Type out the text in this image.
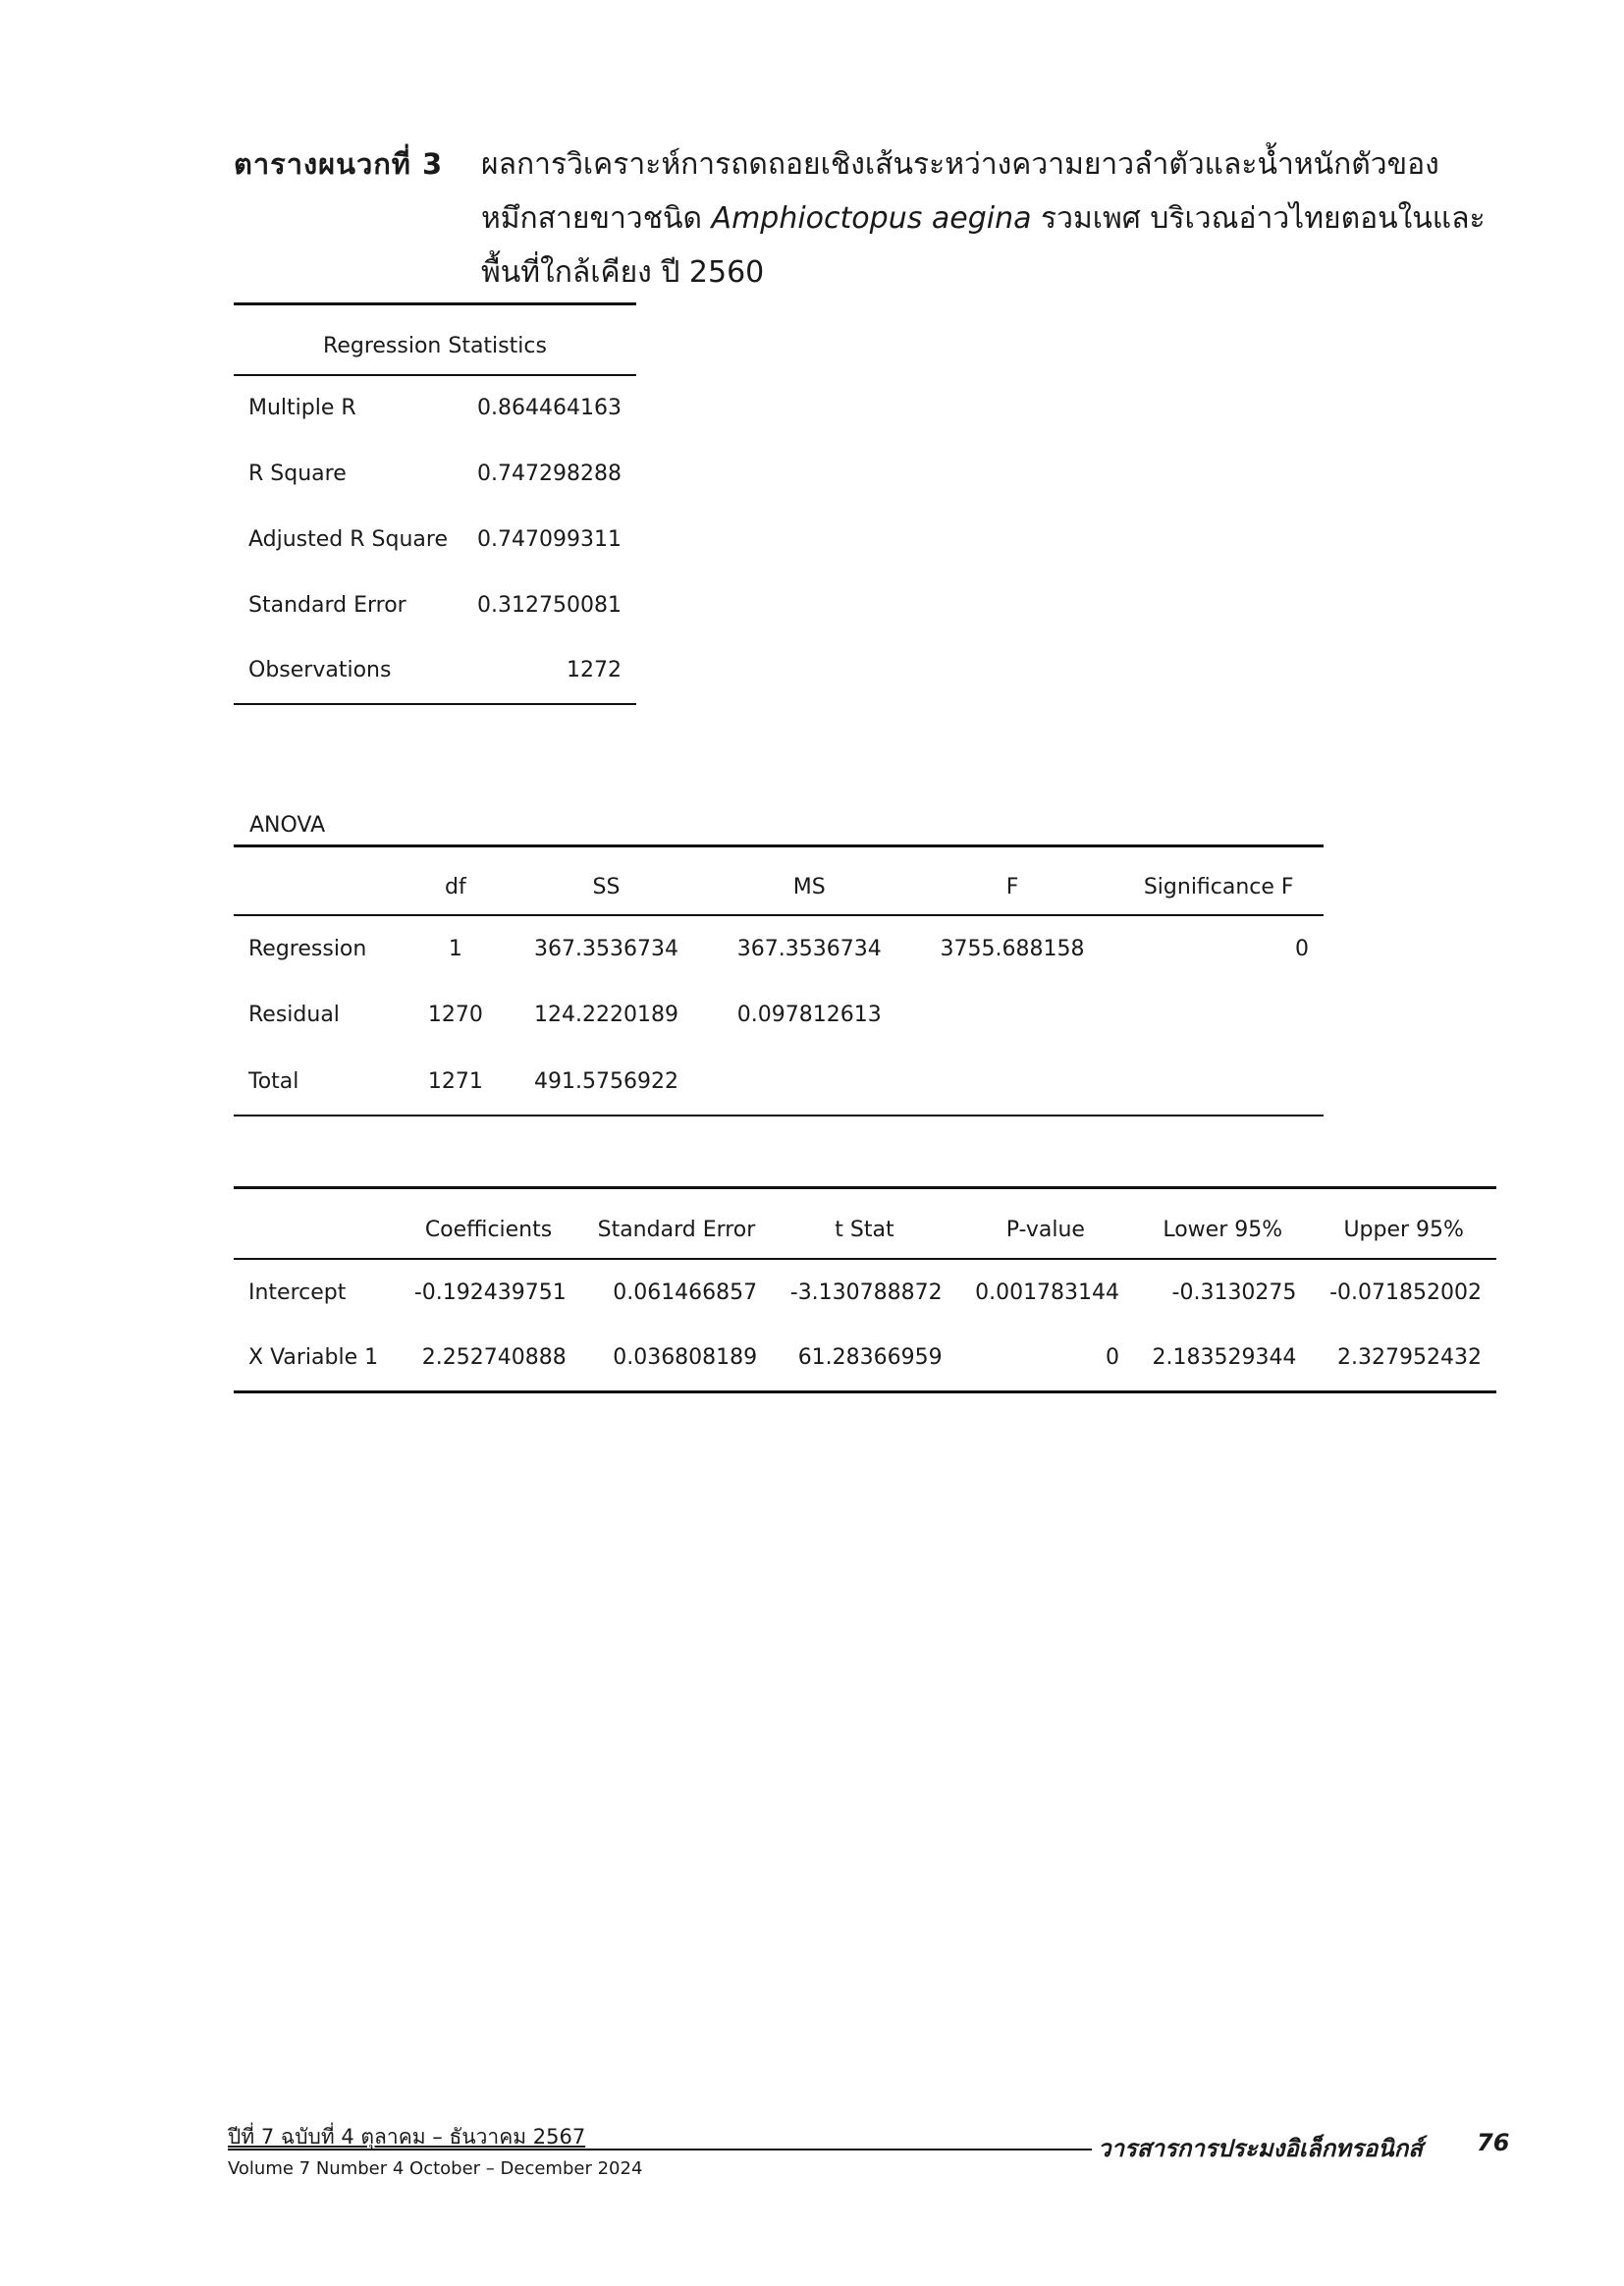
ตารางผนวกที่ 3 ผลการวิเคราะห์การถดถอยเชิงเส้นระหว่างความยาวลำตัวและน้ำหนักตัวของหมึกสายขาวชนิด Amphioctopus aegina รวมเพศ บริเวณอ่าวไทยตอนในและพื้นที่ใกล้เคียง ปี 2560
Regression Statistics	
Multiple R	0.864464163
R Square	0.747298288
Adjusted R Square	0.747099311
Standard Error	0.312750081
Observations	1272
ANOVA
	df	SS	MS	F	Significance F
Regression	1	367.3536734	367.3536734	3755.688158	0
Residual	1270	124.2220189	0.097812613		
Total	1271	491.5756922			
	Coefficients	Standard Error	t Stat	P-value	Lower 95%	Upper 95%
Intercept	-0.192439751	0.061466857	-3.130788872	0.001783144	-0.3130275	-0.071852002
X Variable 1	2.252740888	0.036808189	61.28366959	0	2.183529344	2.327952432
ปีที่ 7 ฉบับที่ 4 ตุลาคม – ธันวาคม 2567
Volume 7 Number 4 October – December 2024
วารสารการประมงอิเล็กทรอนิกส์ 76
